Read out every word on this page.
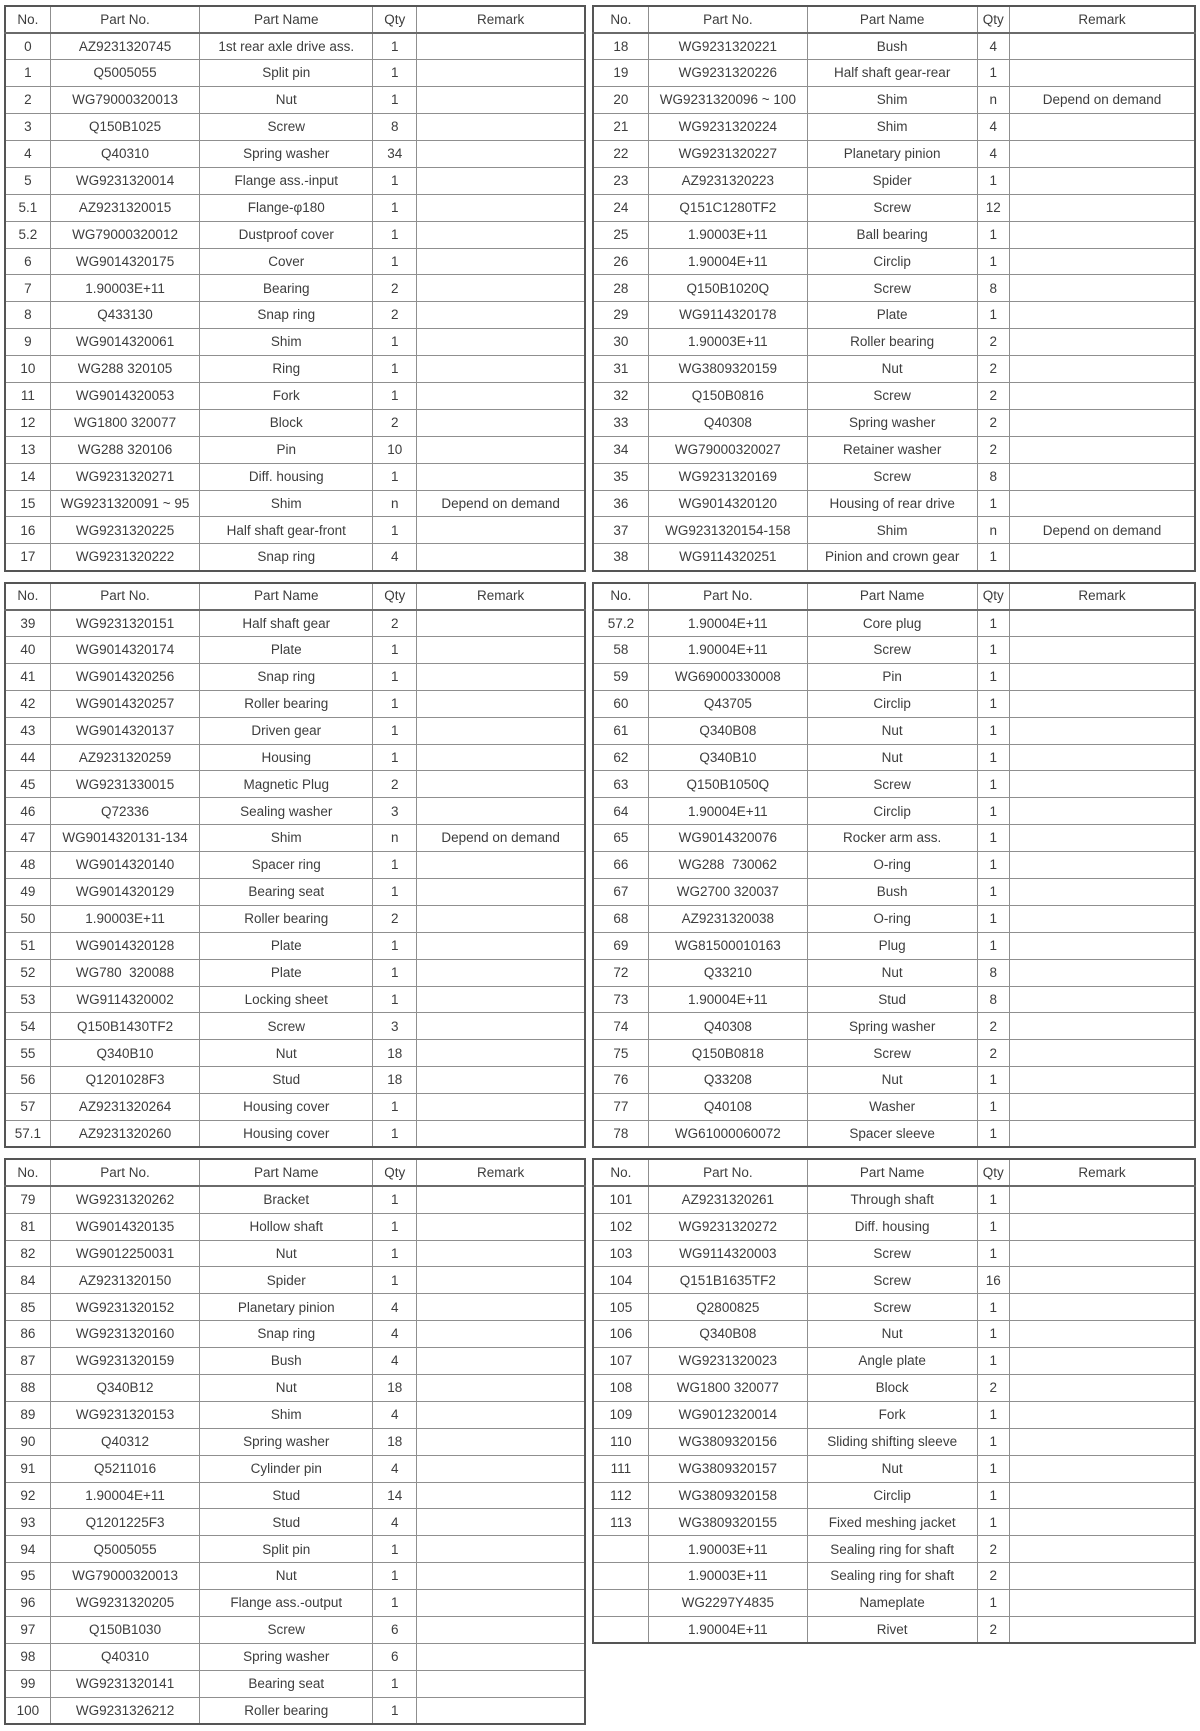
No.	Part No.	Part Name	Qty	Remark
0	AZ9231320745	1st rear axle drive ass.	1	
1	Q5005055	Split pin	1	
2	WG79000320013	Nut	1	
3	Q150B1025	Screw	8	
4	Q40310	Spring washer	34	
5	WG9231320014	Flange ass.-input	1	
5.1	AZ9231320015	Flange-φ180	1	
5.2	WG79000320012	Dustproof cover	1	
6	WG9014320175	Cover	1	
7	1.90003E+11	Bearing	2	
8	Q433130	Snap ring	2	
9	WG9014320061	Shim	1	
10	WG288 320105	Ring	1	
11	WG9014320053	Fork	1	
12	WG1800 320077	Block	2	
13	WG288 320106	Pin	10	
14	WG9231320271	Diff. housing	1	
15	WG9231320091 ~ 95	Shim	n	Depend on demand
16	WG9231320225	Half shaft gear-front	1	
17	WG9231320222	Snap ring	4	
No.	Part No.	Part Name	Qty	Remark
39	WG9231320151	Half shaft gear	2	
40	WG9014320174	Plate	1	
41	WG9014320256	Snap ring	1	
42	WG9014320257	Roller bearing	1	
43	WG9014320137	Driven gear	1	
44	AZ9231320259	Housing	1	
45	WG9231330015	Magnetic Plug	2	
46	Q72336	Sealing washer	3	
47	WG9014320131-134	Shim	n	Depend on demand
48	WG9014320140	Spacer ring	1	
49	WG9014320129	Bearing seat	1	
50	1.90003E+11	Roller bearing	2	
51	WG9014320128	Plate	1	
52	WG780  320088	Plate	1	
53	WG9114320002	Locking sheet	1	
54	Q150B1430TF2	Screw	3	
55	Q340B10	Nut	18	
56	Q1201028F3	Stud	18	
57	AZ9231320264	Housing cover	1	
57.1	AZ9231320260	Housing cover	1	
No.	Part No.	Part Name	Qty	Remark
79	WG9231320262	Bracket	1	
81	WG9014320135	Hollow shaft	1	
82	WG9012250031	Nut	1	
84	AZ9231320150	Spider	1	
85	WG9231320152	Planetary pinion	4	
86	WG9231320160	Snap ring	4	
87	WG9231320159	Bush	4	
88	Q340B12	Nut	18	
89	WG9231320153	Shim	4	
90	Q40312	Spring washer	18	
91	Q5211016	Cylinder pin	4	
92	1.90004E+11	Stud	14	
93	Q1201225F3	Stud	4	
94	Q5005055	Split pin	1	
95	WG79000320013	Nut	1	
96	WG9231320205	Flange ass.-output	1	
97	Q150B1030	Screw	6	
98	Q40310	Spring washer	6	
99	WG9231320141	Bearing seat	1	
100	WG9231326212	Roller bearing	1	
No.	Part No.	Part Name	Qty	Remark
18	WG9231320221	Bush	4	
19	WG9231320226	Half shaft gear-rear	1	
20	WG9231320096 ~ 100	Shim	n	Depend on demand
21	WG9231320224	Shim	4	
22	WG9231320227	Planetary pinion	4	
23	AZ9231320223	Spider	1	
24	Q151C1280TF2	Screw	12	
25	1.90003E+11	Ball bearing	1	
26	1.90004E+11	Circlip	1	
28	Q150B1020Q	Screw	8	
29	WG9114320178	Plate	1	
30	1.90003E+11	Roller bearing	2	
31	WG3809320159	Nut	2	
32	Q150B0816	Screw	2	
33	Q40308	Spring washer	2	
34	WG79000320027	Retainer washer	2	
35	WG9231320169	Screw	8	
36	WG9014320120	Housing of rear drive	1	
37	WG9231320154-158	Shim	n	Depend on demand
38	WG9114320251	Pinion and crown gear	1	
No.	Part No.	Part Name	Qty	Remark
57.2	1.90004E+11	Core plug	1	
58	1.90004E+11	Screw	1	
59	WG69000330008	Pin	1	
60	Q43705	Circlip	1	
61	Q340B08	Nut	1	
62	Q340B10	Nut	1	
63	Q150B1050Q	Screw	1	
64	1.90004E+11	Circlip	1	
65	WG9014320076	Rocker arm ass.	1	
66	WG288  730062	O-ring	1	
67	WG2700 320037	Bush	1	
68	AZ9231320038	O-ring	1	
69	WG81500010163	Plug	1	
72	Q33210	Nut	8	
73	1.90004E+11	Stud	8	
74	Q40308	Spring washer	2	
75	Q150B0818	Screw	2	
76	Q33208	Nut	1	
77	Q40108	Washer	1	
78	WG61000060072	Spacer sleeve	1	
No.	Part No.	Part Name	Qty	Remark
101	AZ9231320261	Through shaft	1	
102	WG9231320272	Diff. housing	1	
103	WG9114320003	Screw	1	
104	Q151B1635TF2	Screw	16	
105	Q2800825	Screw	1	
106	Q340B08	Nut	1	
107	WG9231320023	Angle plate	1	
108	WG1800 320077	Block	2	
109	WG9012320014	Fork	1	
110	WG3809320156	Sliding shifting sleeve	1	
111	WG3809320157	Nut	1	
112	WG3809320158	Circlip	1	
113	WG3809320155	Fixed meshing jacket	1	
	1.90003E+11	Sealing ring for shaft	2	
	1.90003E+11	Sealing ring for shaft	2	
	WG2297Y4835	Nameplate	1	
	1.90004E+11	Rivet	2	
